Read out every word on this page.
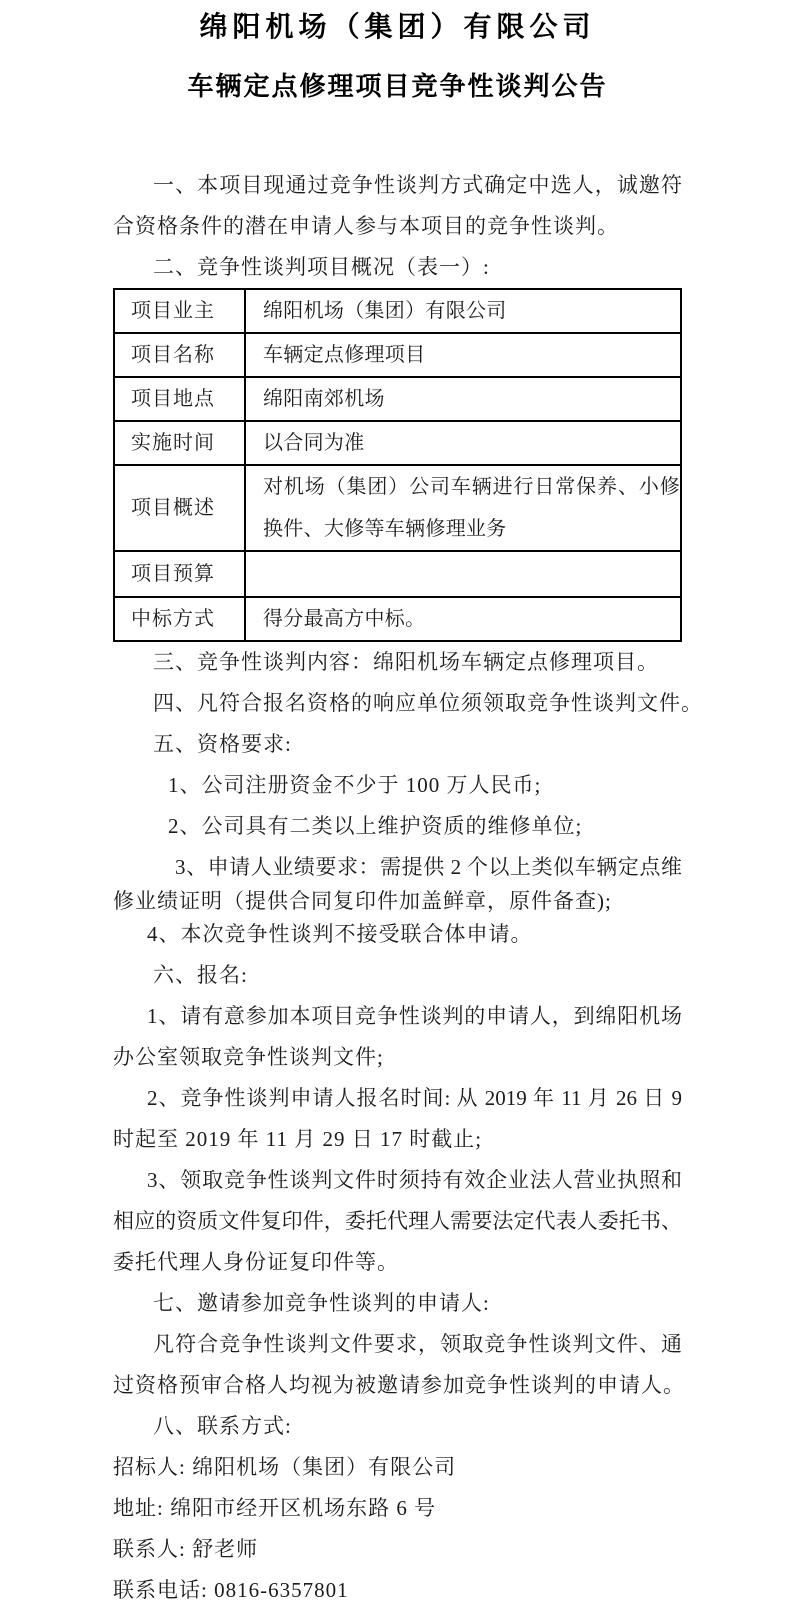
绵阳机场（集团）有限公司
车辆定点修理项目竞争性谈判公告
一、本项目现通过竞争性谈判方式确定中选人，诚邀符
合资格条件的潜在申请人参与本项目的竞争性谈判。
二、竞争性谈判项目概况（表一）:
项目业主	绵阳机场（集团）有限公司
项目名称	车辆定点修理项目
项目地点	绵阳南郊机场
实施时间	以合同为准
项目概述	对机场（集团）公司车辆进行日常保养、小修换件、大修等车辆修理业务
项目预算	
中标方式	得分最高方中标。
三、竞争性谈判内容：绵阳机场车辆定点修理项目。
四、凡符合报名资格的响应单位须领取竞争性谈判文件。
五、资格要求:
1、公司注册资金不少于 100 万人民币;
2、公司具有二类以上维护资质的维修单位;
3、申请人业绩要求：需提供 2 个以上类似车辆定点维
修业绩证明（提供合同复印件加盖鲜章，原件备查);
4、本次竞争性谈判不接受联合体申请。
六、报名:
1、请有意参加本项目竞争性谈判的申请人，到绵阳机场
办公室领取竞争性谈判文件;
2、竞争性谈判申请人报名时间: 从 2019 年 11 月 26 日 9
时起至 2019 年 11 月 29 日 17 时截止;
3、领取竞争性谈判文件时须持有效企业法人营业执照和
相应的资质文件复印件，委托代理人需要法定代表人委托书、
委托代理人身份证复印件等。
七、邀请参加竞争性谈判的申请人:
凡符合竞争性谈判文件要求，领取竞争性谈判文件、通
过资格预审合格人均视为被邀请参加竞争性谈判的申请人。
八、联系方式:
招标人: 绵阳机场（集团）有限公司
地址: 绵阳市经开区机场东路 6 号
联系人: 舒老师
联系电话: 0816-6357801
